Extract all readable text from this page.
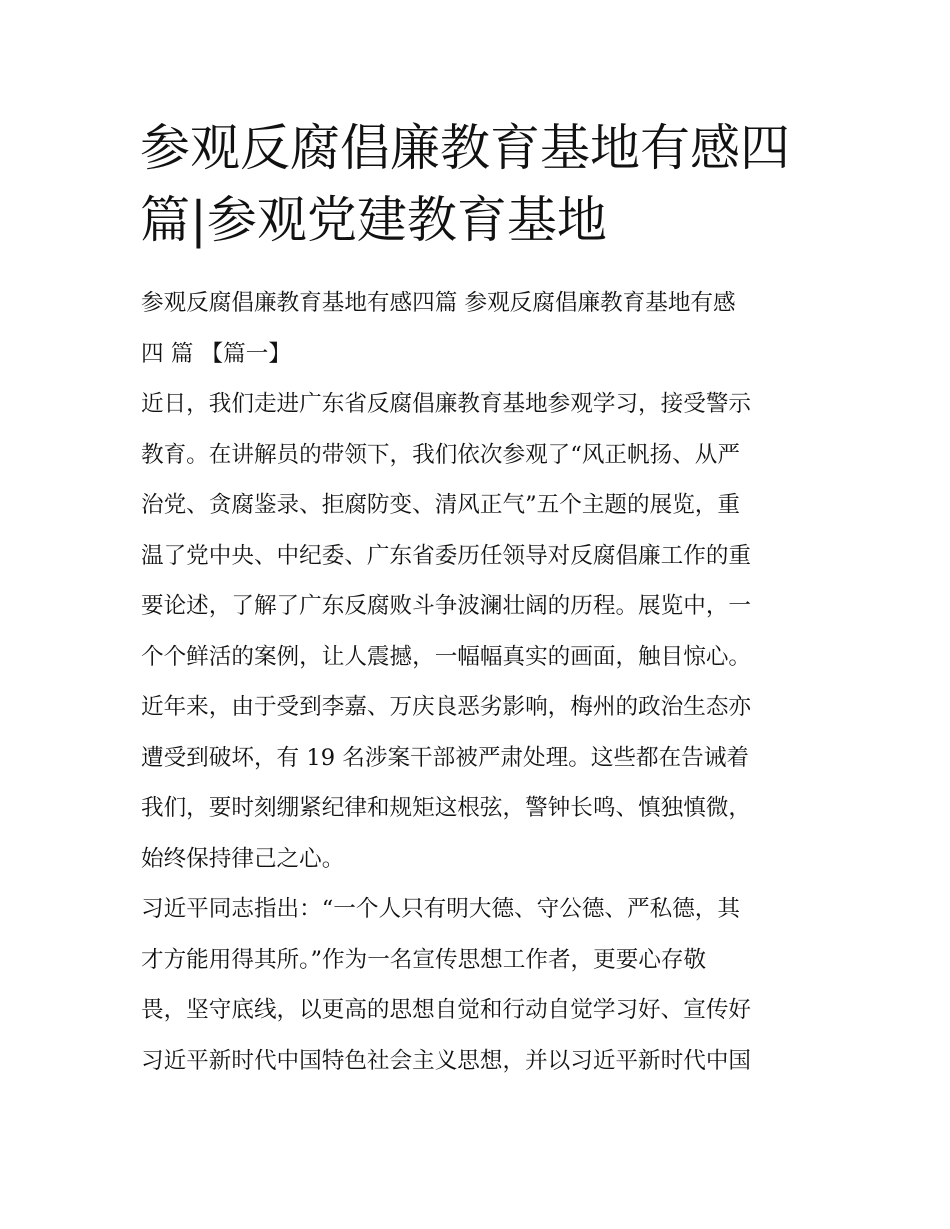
参观反腐倡廉教育基地有感四
篇|参观党建教育基地
参观反腐倡廉教育基地有感四篇 参观反腐倡廉教育基地有感
四 篇 【篇一】
近日，我们走进广东省反腐倡廉教育基地参观学习，接受警示
教育。在讲解员的带领下，我们依次参观了“风正帆扬、从严
治党、贪腐鉴录、拒腐防变、清风正气”五个主题的展览，重
温了党中央、中纪委、广东省委历任领导对反腐倡廉工作的重
要论述，了解了广东反腐败斗争波澜壮阔的历程。展览中，一
个个鲜活的案例，让人震撼，一幅幅真实的画面，触目惊心。
近年来，由于受到李嘉、万庆良恶劣影响，梅州的政治生态亦
遭受到破坏，有 19 名涉案干部被严肃处理。这些都在告诫着
我们，要时刻绷紧纪律和规矩这根弦，警钟长鸣、慎独慎微，
始终保持律己之心。
习近平同志指出：“一个人只有明大德、守公德、严私德，其
才方能用得其所。”作为一名宣传思想工作者，更要心存敬
畏，坚守底线，以更高的思想自觉和行动自觉学习好、宣传好
习近平新时代中国特色社会主义思想，并以习近平新时代中国
